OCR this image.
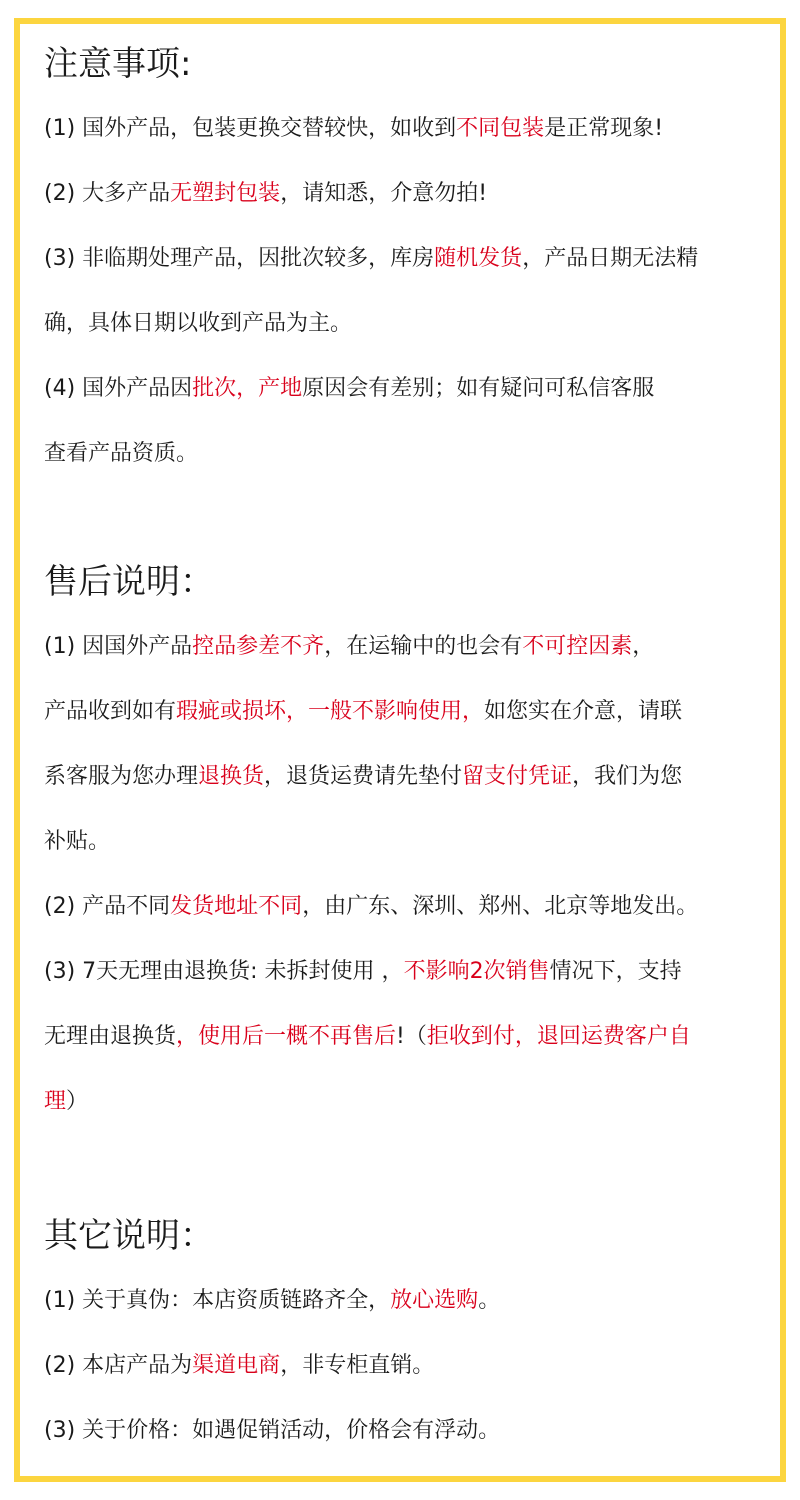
注意事项:
(1) 国外产品，包装更换交替较快，如收到不同包装是正常现象!
(2) 大多产品无塑封包装，请知悉，介意勿拍!
(3) 非临期处理产品，因批次较多，库房随机发货，产品日期无法精
确，具体日期以收到产品为主。
(4) 国外产品因批次，产地原因会有差别；如有疑问可私信客服
查看产品资质。
售后说明：
(1) 因国外产品控品参差不齐，在运输中的也会有不可控因素，
产品收到如有瑕疵或损坏，一般不影响使用，如您实在介意，请联
系客服为您办理退换货，退货运费请先垫付留支付凭证，我们为您
补贴。
(2) 产品不同发货地址不同，由广东、深圳、郑州、北京等地发出。
(3) 7天无理由退换货: 未拆封使用 ，不影响2次销售情况下，支持
无理由退换货，使用后一概不再售后!（拒收到付，退回运费客户自
理）
其它说明：
(1) 关于真伪：本店资质链路齐全，放心选购。
(2) 本店产品为渠道电商，非专柜直销。
(3) 关于价格：如遇促销活动，价格会有浮动。
